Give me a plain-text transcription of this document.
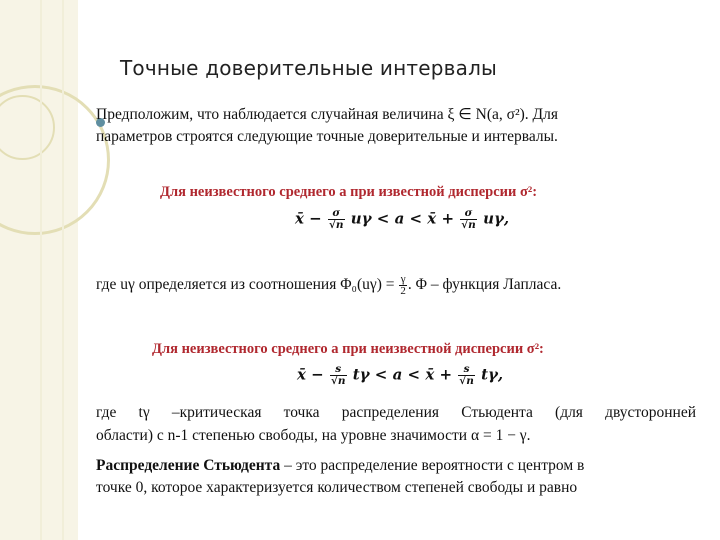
Точные доверительные интервалы
Предположим, что наблюдается случайная величина ξ ∈ N(a, σ²). Для
параметров строятся следующие точные доверительные и интервалы.
Для неизвестного среднего a при известной дисперсии σ²:
x̄ − $\frac{\sigma}{√n}$ uγ < a < x̄ + $\frac{\sigma}{√n} u\gamma$,
где uγ определяется из соотношения $\Phi_0(u\gamma) = \frac{\gamma}{2}$ . Φ – функция Лапласа.
Для неизвестного среднего a при неизвестной дисперсии σ²:
x̄ − $\frac{s}{√n}$ tγ < a < x̄ + $\frac{s}{√n} t\gamma$,
где tγ –критическая точка распределения Стьюдента (для двусторонней
области) с n-1 степенью свободы, на уровне значимости α = 1 − γ.
Распределение Стьюдента – это распределение вероятности с центром в
точке 0, которое характеризуется количеством степеней свободы и равно
